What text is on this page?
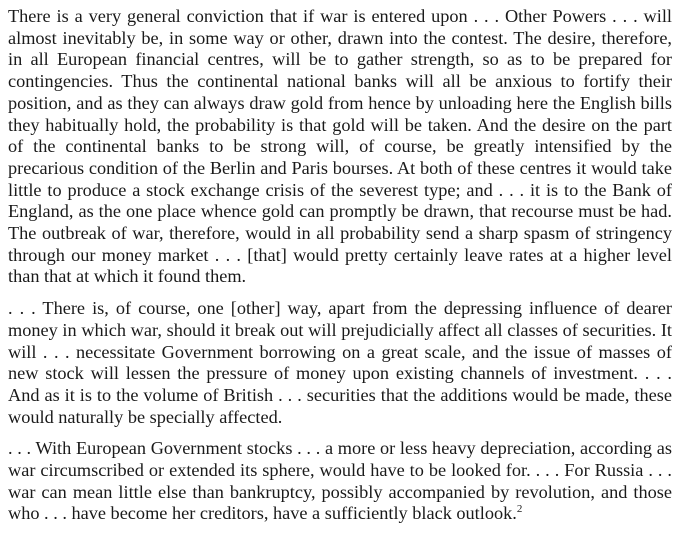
There is a very general conviction that if war is entered upon . . . Other Powers . . . will almost inevitably be, in some way or other, drawn into the contest. The desire, therefore, in all European financial centres, will be to gather strength, so as to be prepared for contingencies. Thus the continental national banks will all be anxious to fortify their position, and as they can always draw gold from hence by unloading here the English bills they habitually hold, the probability is that gold will be taken. And the desire on the part of the continental banks to be strong will, of course, be greatly intensified by the precarious condition of the Berlin and Paris bourses. At both of these centres it would take little to produce a stock exchange crisis of the severest type; and . . . it is to the Bank of England, as the one place whence gold can promptly be drawn, that recourse must be had. The outbreak of war, therefore, would in all probability send a sharp spasm of stringency through our money market . . . [that] would pretty certainly leave rates at a higher level than that at which it found them.

. . . There is, of course, one [other] way, apart from the depressing influence of dearer money in which war, should it break out will prejudicially affect all classes of securities. It will . . . necessitate Government borrowing on a great scale, and the issue of masses of new stock will lessen the pressure of money upon existing channels of investment. . . . And as it is to the volume of British . . . securities that the additions would be made, these would naturally be specially affected.

. . . With European Government stocks . . . a more or less heavy depreciation, according as war circumscribed or extended its sphere, would have to be looked for. . . . For Russia . . . war can mean little else than bankruptcy, possibly accompanied by revolution, and those who . . . have become her creditors, have a sufficiently black outlook.$^2$
